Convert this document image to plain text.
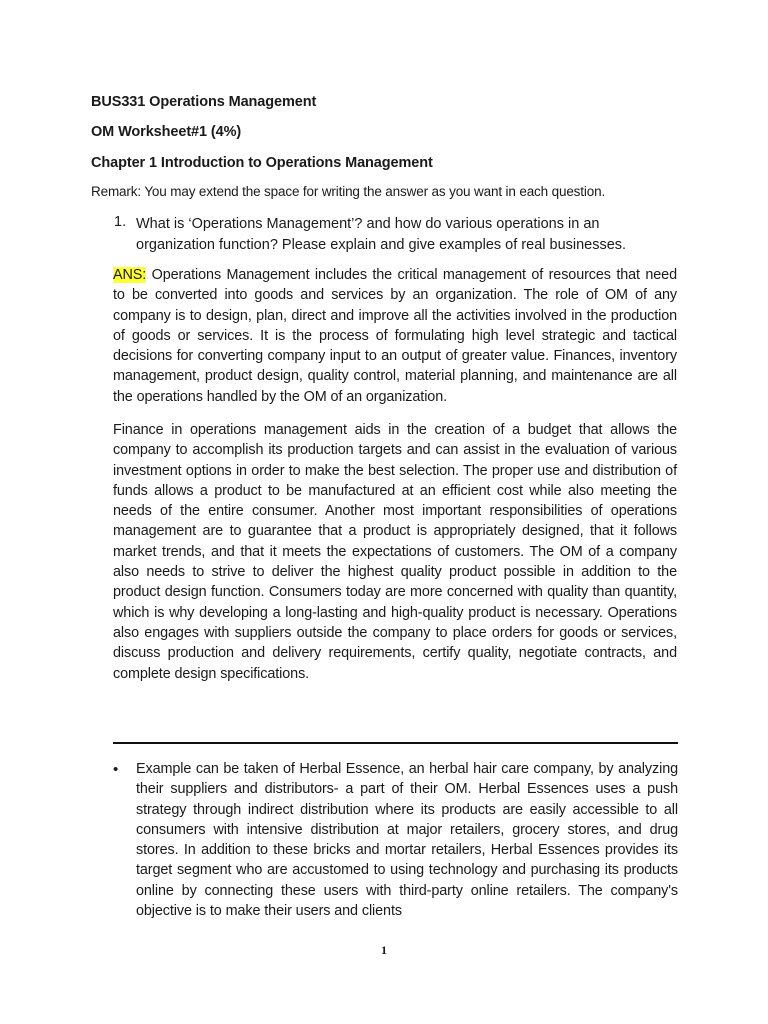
BUS331 Operations Management
OM Worksheet#1 (4%)
Chapter 1 Introduction to Operations Management
Remark: You may extend the space for writing the answer as you want in each question.
1. What is ‘Operations Management’? and how do various operations in an organization function? Please explain and give examples of real businesses.
ANS: Operations Management includes the critical management of resources that need to be converted into goods and services by an organization. The role of OM of any company is to design, plan, direct and improve all the activities involved in the production of goods or services. It is the process of formulating high level strategic and tactical decisions for converting company input to an output of greater value. Finances, inventory management, product design, quality control, material planning, and maintenance are all the operations handled by the OM of an organization.
Finance in operations management aids in the creation of a budget that allows the company to accomplish its production targets and can assist in the evaluation of various investment options in order to make the best selection. The proper use and distribution of funds allows a product to be manufactured at an efficient cost while also meeting the needs of the entire consumer. Another most important responsibilities of operations management are to guarantee that a product is appropriately designed, that it follows market trends, and that it meets the expectations of customers. The OM of a company also needs to strive to deliver the highest quality product possible in addition to the product design function. Consumers today are more concerned with quality than quantity, which is why developing a long-lasting and high-quality product is necessary. Operations also engages with suppliers outside the company to place orders for goods or services, discuss production and delivery requirements, certify quality, negotiate contracts, and complete design specifications.
• Example can be taken of Herbal Essence, an herbal hair care company, by analyzing their suppliers and distributors- a part of their OM. Herbal Essences uses a push strategy through indirect distribution where its products are easily accessible to all consumers with intensive distribution at major retailers, grocery stores, and drug stores. In addition to these bricks and mortar retailers, Herbal Essences provides its target segment who are accustomed to using technology and purchasing its products online by connecting these users with third-party online retailers. The company's objective is to make their users and clients
1
